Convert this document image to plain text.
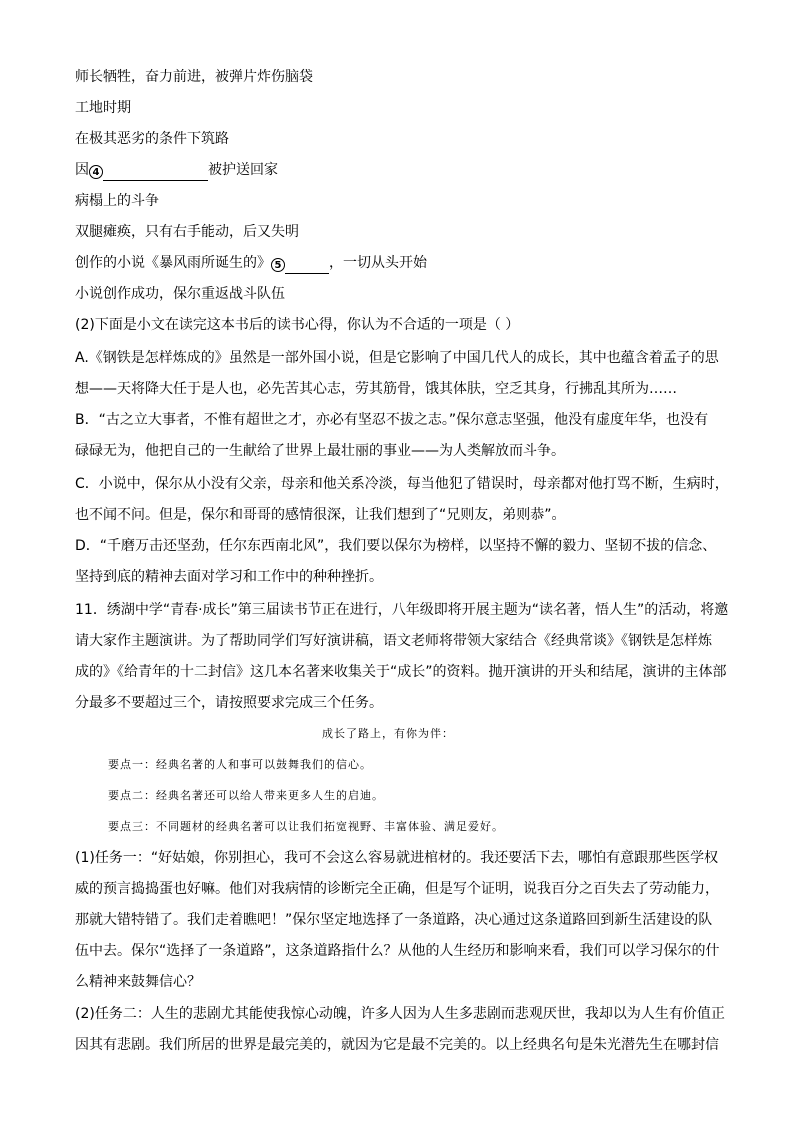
师长牺牲，奋力前进，被弹片炸伤脑袋
工地时期
在极其恶劣的条件下筑路
因 4	被护送回家
病榻上的斗争
双腿瘫痪，只有右手能动，后又失明
创作的小说《暴风雨所诞生的》 5	，一切从头开始
小说创作成功，保尔重返战斗队伍
(2)下面是小文在读完这本书后的读书心得，你认为不合适的一项是（ ）
A.《钢铁是怎样炼成的》虽然是一部外国小说，但是它影响了中国几代人的成长，其中也蕴含着孟子的思
想——天将降大任于是人也，必先苦其心志，劳其筋骨，饿其体肤，空乏其身，行拂乱其所为……
B．“古之立大事者，不惟有超世之才，亦必有坚忍不拔之志。”保尔意志坚强，他没有虚度年华，也没有
碌碌无为，他把自己的一生献给了世界上最壮丽的事业——为人类解放而斗争。
C．小说中，保尔从小没有父亲，母亲和他关系冷淡，每当他犯了错误时，母亲都对他打骂不断，生病时，
也不闻不问。但是，保尔和哥哥的感情很深，让我们想到了“兄则友，弟则恭”。
D．“千磨万击还坚劲，任尔东西南北风”，我们要以保尔为榜样，以坚持不懈的毅力、坚韧不拔的信念、
坚持到底的精神去面对学习和工作中的种种挫折。
11．绣湖中学“青春·成长”第三届读书节正在进行，八年级即将开展主题为“读名著，悟人生”的活动，将邀
请大家作主题演讲。为了帮助同学们写好演讲稿，语文老师将带领大家结合《经典常谈》《钢铁是怎样炼
成的》《给青年的十二封信》这几本名著来收集关于“成长”的资料。抛开演讲的开头和结尾，演讲的主体部
分最多不要超过三个，请按照要求完成三个任务。
成长了路上，有你为伴：
要点一：经典名著的人和事可以鼓舞我们的信心。
要点二：经典名著还可以给人带来更多人生的启迪。
要点三：不同题材的经典名著可以让我们拓宽视野、丰富体验、满足爱好。
(1)任务一：“好姑娘，你别担心，我可不会这么容易就进棺材的。我还要活下去，哪怕有意跟那些医学权
威的预言捣捣蛋也好嘛。他们对我病情的诊断完全正确，但是写个证明，说我百分之百失去了劳动能力，
那就大错特错了。我们走着瞧吧！”保尔坚定地选择了一条道路，决心通过这条道路回到新生活建设的队
伍中去。保尔“选择了一条道路”，这条道路指什么？从他的人生经历和影响来看，我们可以学习保尔的什
么精神来鼓舞信心？
(2)任务二：人生的悲剧尤其能使我惊心动魄，许多人因为人生多悲剧而悲观厌世，我却以为人生有价值正
因其有悲剧。我们所居的世界是最完美的，就因为它是最不完美的。以上经典名句是朱光潜先生在哪封信
